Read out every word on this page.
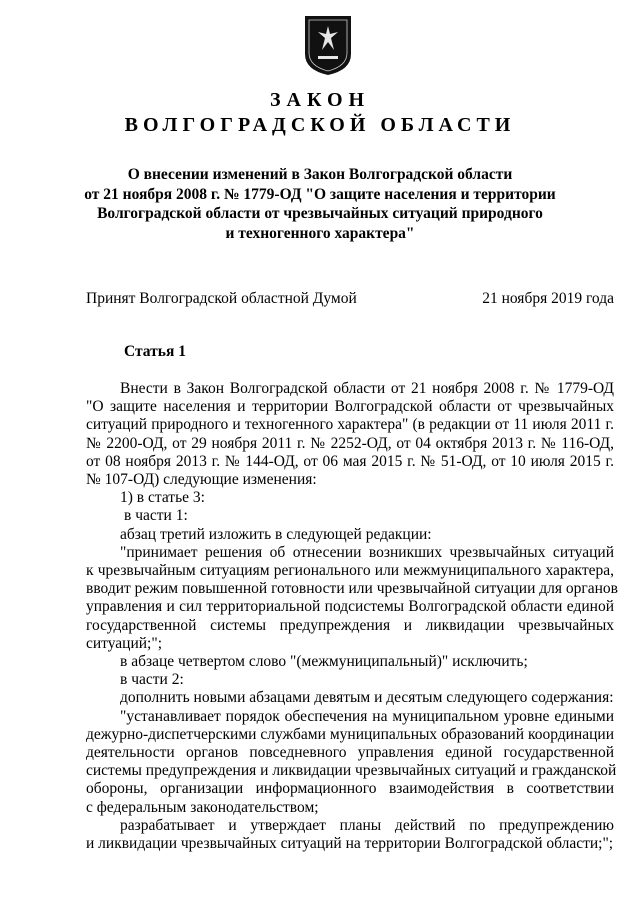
ЗАКОН
ВОЛГОГРАДСКОЙ ОБЛАСТИ
О внесении изменений в Закон Волгоградской области
от 21 ноября 2008 г. № 1779-ОД "О защите населения и территории
Волгоградской области от чрезвычайных ситуаций природного
и техногенного характера"
Принят Волгоградской областной Думой	21 ноября 2019 года
Статья 1
Внести в Закон Волгоградской области от 21 ноября 2008 г. № 1779-ОД
"О защите населения и территории Волгоградской области от чрезвычайных
ситуаций природного и техногенного характера" (в редакции от 11 июля 2011 г.
№ 2200-ОД, от 29 ноября 2011 г. № 2252-ОД, от 04 октября 2013 г. № 116-ОД,
от 08 ноября 2013 г. № 144-ОД, от 06 мая 2015 г. № 51-ОД, от 10 июля 2015 г.
№ 107-ОД) следующие изменения:
1) в статье 3:
в части 1:
абзац третий изложить в следующей редакции:
"принимает решения об отнесении возникших чрезвычайных ситуаций
к чрезвычайным ситуациям регионального или межмуниципального характера,
вводит режим повышенной готовности или чрезвычайной ситуации для органов
управления и сил территориальной подсистемы Волгоградской области единой
государственной системы предупреждения и ликвидации чрезвычайных
ситуаций;";
в абзаце четвертом слово "(межмуниципальный)" исключить;
в части 2:
дополнить новыми абзацами девятым и десятым следующего содержания:
"устанавливает порядок обеспечения на муниципальном уровне едиными
дежурно-диспетчерскими службами муниципальных образований координации
деятельности органов повседневного управления единой государственной
системы предупреждения и ликвидации чрезвычайных ситуаций и гражданской
обороны, организации информационного взаимодействия в соответствии
с федеральным законодательством;
разрабатывает и утверждает планы действий по предупреждению
и ликвидации чрезвычайных ситуаций на территории Волгоградской области;";
